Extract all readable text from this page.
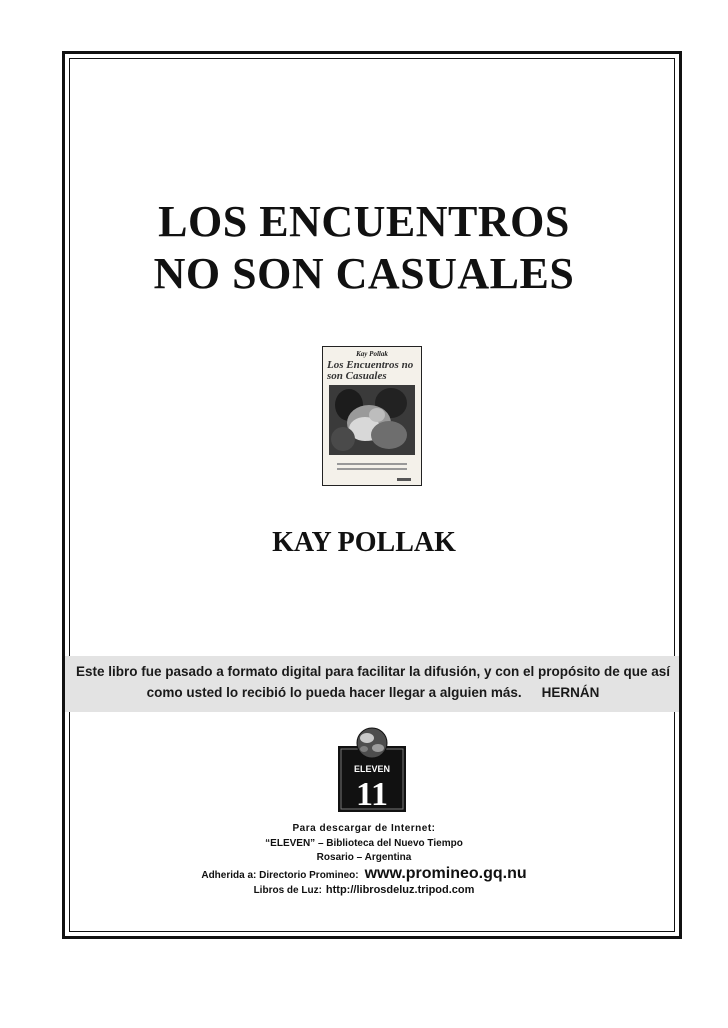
LOS ENCUENTROS
NO SON CASUALES
Kay Pollak
Los Encuentros no son Casuales
KAY POLLAK

Este libro fue pasado a formato digital para facilitar la difusión, y con el propósito de que así como usted lo recibió lo pueda hacer llegar a alguien más. HERNÁN

ELEVEN
11
Para descargar de Internet:
“ELEVEN” – Biblioteca del Nuevo Tiempo
Rosario – Argentina
Adherida a: Directorio Promineo: www.promineo.gq.nu
Libros de Luz: http://librosdeluz.tripod.com
